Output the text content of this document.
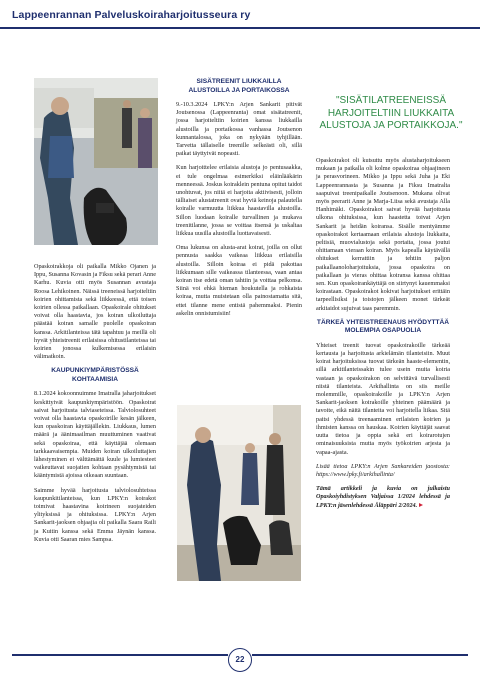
Lappeenrannan Palveluskoiraharjoitusseura ry

Opaskoirakkoja oli paikalla Mikko Ojanen ja Ippu, Susanna Kovasin ja Fiksu sekä perari Anne Karhu. Kuvia otti myös Susannan avustaja Roosa Lehikoinen. Näissä treeneissä harjoiteltiin koirien ohittamista sekä liikkeessä, että toisen koirien ollessa paikallaan. Opaskoirale ohitukset voivat olla haastavia, jos koiran ulkoiluttaja päästää koiran samalle puolelle opaskoiran kanssa. Arkitilanteissa tätä tapahtuu ja meillä oli hyvät yhteistreenit erilaisissa ohitustilanteissa tai koirien jonossa kulkemisessa erilaisin välimatkoin.

KAUPUNKIYMPÄRISTÖSSÄ KOHTAAMISIA

8.1.2024 kokoonnuimme Imatralla jaharjoitukset keskittyivät kaupunkiympäristöön. Opaskoirat saivat harjoitusta talviaseteissa. Talviolosuhteet voivat olla haastavia opaskoirille kesän jälkeen, kun opaskoiran käyttäjällekin. Liukkaus, lumen määrä ja äänimaailman muuttuminen vaativat sekä opaskoiraa, että käyttäjää olemaan tarkkaavaisempia. Muiden koiran ulkoiluttajien lähestyminen ei välttämättä kuule ja lumiesteet vaikeuttavat suojatien kohtaan pysähtymistä tai kääntymistä ajoissa oikeaan suuntaan.

Saimme hyvää harjoitusta talviolosuhteissa kaupunkitilanteissa, kun LPKY:n koirakot toimivat haastavina koirineen suojateiden ylityksissä ja ohituksissa. LPKY:n Arjen Sankarit-jaoksen ohjaajia oli paikalla Saara Raili ja Kuitin kanssa sekä Emma Jäynän kanssa. Kuvia otti Saaran mies Sampsa.

SISÄTREENIT LIUKKAILLA ALUSTOILLA JA PORTAIKOSSA

9.-10.3.2024 LPKY:n Arjen Sankarit pitivät Joutsenossa (Lappeenranta) omat sisätatreenit, jossa harjoiteltiin koirien kanssa liukkailla alustoilla ja portaikossa vanhassa Joutsenon kunnantalossa, joka on nykyään tyhjillään. Tarvetta tällaiselle treenille selkeästi oli, sillä paikat täyttyivät nopeasti.

Kun harjoittelee erilaisia alustoja jo pentusaakka, ei tule ongelmaa esimerkiksi eläinlääkärin menneessä. Joskus koiraklein pentuna opitut taidot unohtuvat, jos niitä ei harjoita aktiivisesti, jolloin tälliaiset alustatreenit ovat hyviä keinoja palautella koiralle varmuutta liikkua haastavilla alustoilla. Sillon luodaan koiralle turvallinen ja mukava treenitilanne, jossa se voittaa itsensä ja uskaltaa liikkua uusilla alustoilla luottavaisesti.

Oma lukunsa on alusta-arat koirat, joilla on ollut pennusta saakka vaikeaa liikkua erilaisilla alustoilla. Silloin koiraa ei pidä pakottaa liikkumaan sille vaikeassa tilanteessa, vaan antaa koiran itse edetä oman tahtiin ja voittaa pelkonsa. Siinä voi ehkä hieman houkutella ja rohkaista koiraa, mutta muistetaan olla painostamatta sitä, ettei tilanne mene entistä pahemmaksi. Pienin askelin onnistumisiin!

"SISÄTILATREENEISSÄ HARJOITELTIIN LIUKKAITA ALUSTOJA JA PORTAIKKOJA."

Opaskoirakot oli kutsuttu myös alustaharjoitukseen mukaan ja paikalla oli kolme opaskoiraa ohjaajineen ja perasvorineen. Mikko ja Ippu sekä Juha ja Eki Lappeenrannasta ja Susanna ja Fiksu Imatralta saapuivat treenipaikalle Joutsenoon. Mukana olivat myös peerarit Anne ja Marja-Liisa sekä avustaja Alla Hanhimäki. Opaskoirakot saivat hyvää harjoitusta ulkona ohituksissa, kun haastetta toivat Arjen Sankarit ja heidän koiransa. Sisälle mentyämme opaskoirakot kertaamaan erilaisia alustoja liukkaita, peltisiä, muovialustoja sekä portaita, jossa joutui ohittamaan vieraan koiran. Myös kapealla käytävällä ohitukset kerrattiin ja tehtiin paljon paikallaanoloharjoituksia, jossa opaskoira on paikallaan ja vieras ohittaa koiransa kanssa ohittaa sen. Kun opaskoirankäyttäjä on siirtynyt kauemmaksi koirastaan. Opaskoirakot kokivat harjoitukset erittäin tarpeellisiksi ja toistojen jälkeen monet tärkeät arkitaidot sujuivat taas paremmin.

TÄRKEÄ YHTEISTREENAUS HYÖDYTTÄÄ MOLEMPIA OSAPUOLIA

Yhteiset treenit tuovat opaskoirakoille tärkeää kertausta ja harjoitusta arkielämän tilanteisiin. Muut koirat harjoituksissa tuovat tärkeän haaste-elementin, sillä arkitilanteissakin tulee usein muita koiria vastaan ja opaskoirakon on selvittävä turvallisesti niistä tilanteista. Arkihallinta on siis meille molemmille, opaskoirakoille ja LPKY:n Arjen Sankarit-jaoksen koirakoille yhteinen päämäärä ja tavoite, eikä näitä tilanteita voi harjoitella liikaa. Sitä paitsi yhdessä treenaaminen erilaisten koirien ja ihmisten kanssa on hauskaa. Koirien käyttäjät saavat uutta tietoa ja oppia sekä eri koirarotujen ominaisuuksista mutta myös työkoirien arjesta ja vapaa-ajasta.

Lisää tietoa LPKY:n Arjen Sankareiden jaostosta: https://www.lpky.fi/arkihallinta/

Tämä artikkeli ja kuvia on julkaistu Opaskoiyhdistyksen Valjaissa 1/2024 lehdessä ja LPKY:n jäsenlehdessä Äläppäri 2/2024.

22
